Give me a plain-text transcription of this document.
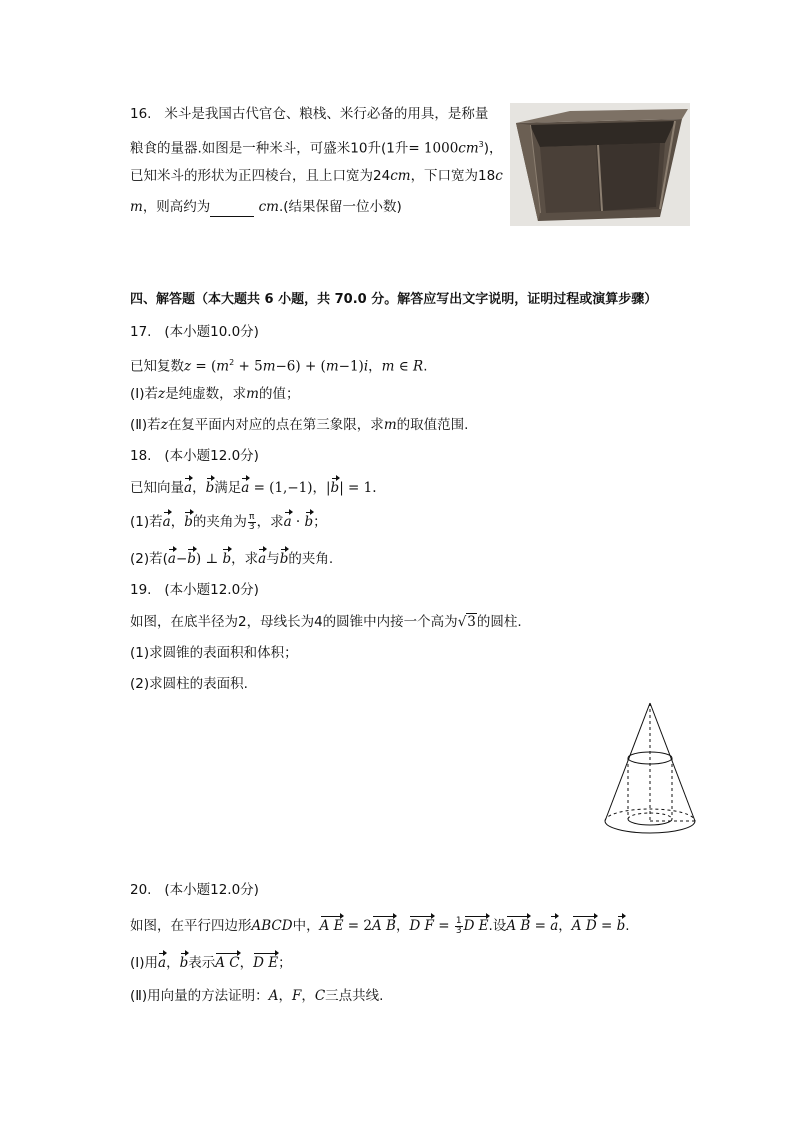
16. 米斗是我国古代官仓、粮栈、米行必备的用具，是称量
粮食的量器.如图是一种米斗，可盛米10升(1升= $1000cm^3$)，
已知米斗的形状为正四棱台，且上口宽为24cm，下口宽为18c
m，则高约为	cm.(结果保留一位小数)
四、解答题（本大题共 6 小题，共 70.0 分。解答应写出文字说明，证明过程或演算步骤）
17. (本小题10.0分)
已知复数$z = (m^2 + 5m-6) + (m-1)i$，m ∈ R.
(Ⅰ)若z是纯虚数，求m的值；
(Ⅱ)若z在复平面内对应的点在第三象限，求m的取值范围.
18. (本小题12.0分)
已知向量a，b满足a = (1,−1)，|b| = 1.
(1)若a，b的夹角为 $\frac{\pi}{3}$ ，求a · b；
(2)若(a−b) ⊥ b，求a与b的夹角.
19. (本小题12.0分)
如图，在底半径为2，母线长为4的圆锥中内接一个高为√3的圆柱.
(1)求圆锥的表面积和体积；
(2)求圆柱的表面积.
20. (本小题12.0分)
如图，在平行四边形ABCD中，A E = 2A B，D $F = \frac{1}{3}$ D E.设A B = a，A D = b.
(Ⅰ)用a，b表示A C，D E；
(Ⅱ)用向量的方法证明：A，F，C三点共线.
